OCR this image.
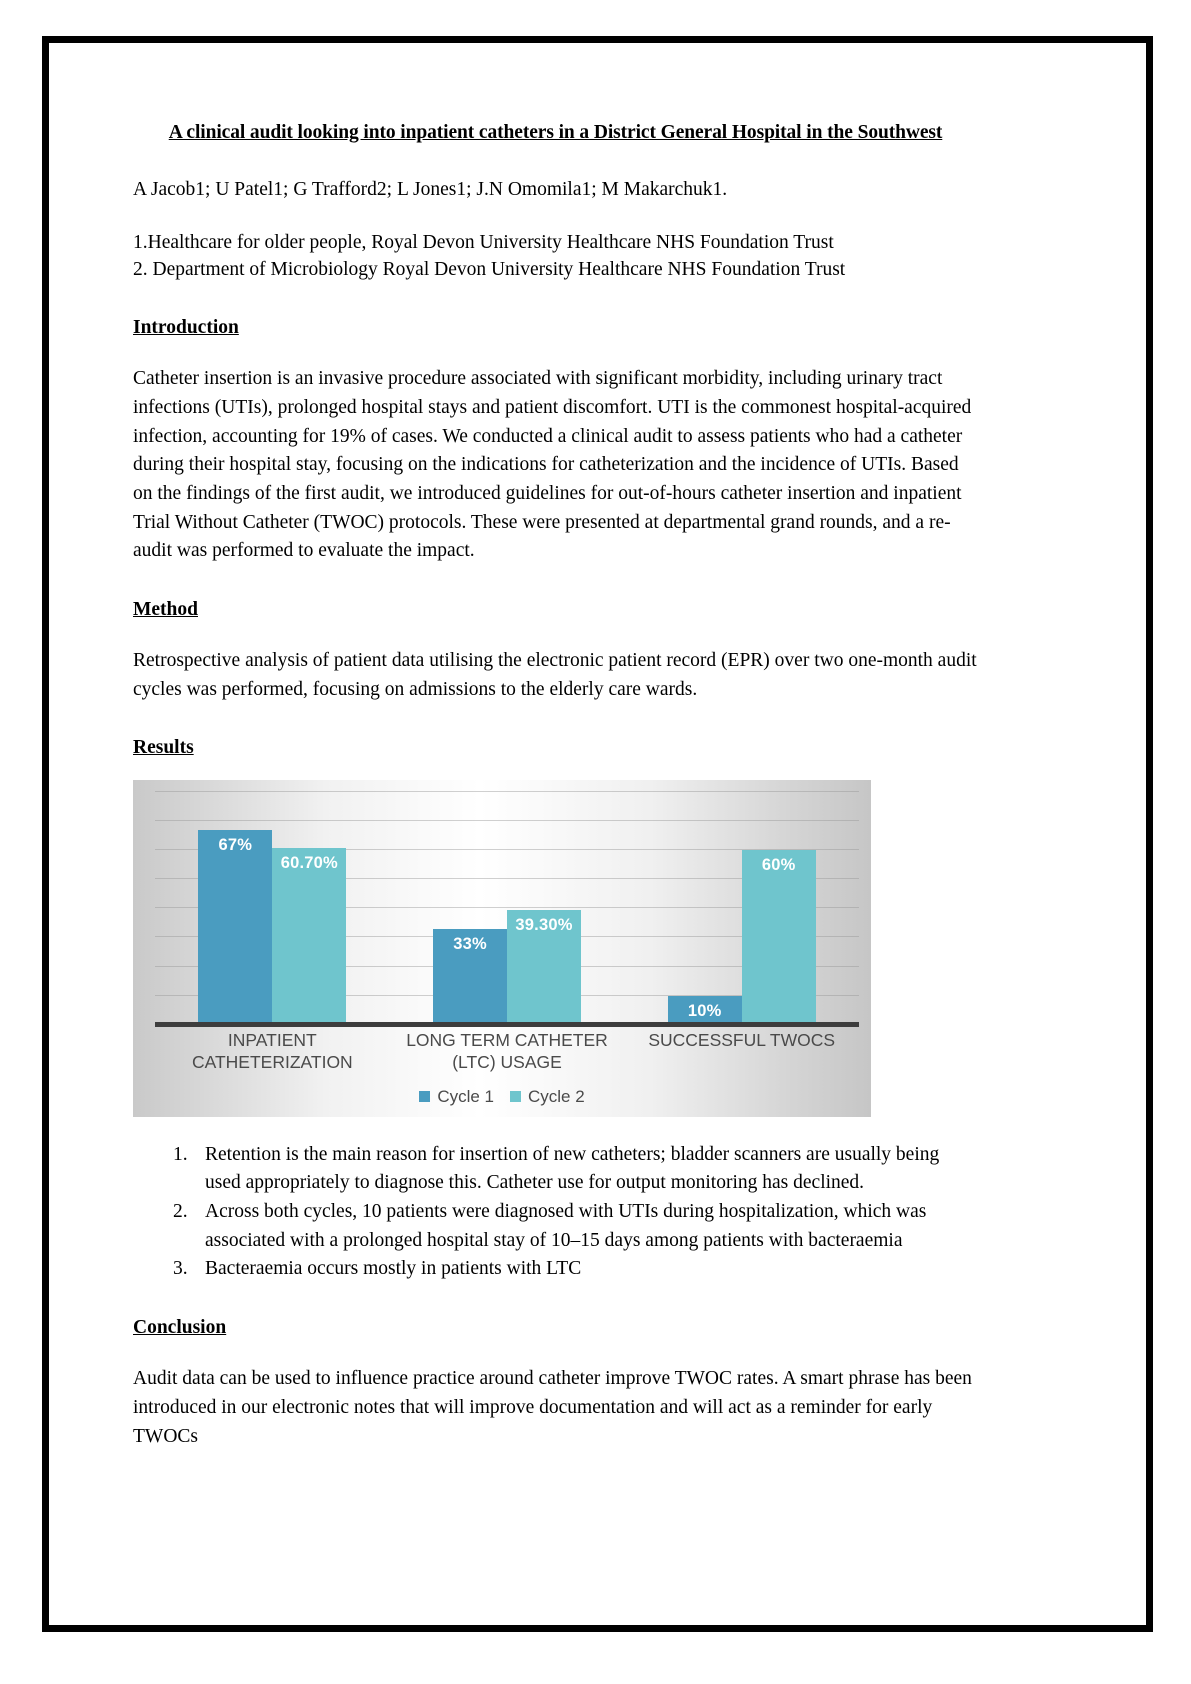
A clinical audit looking into inpatient catheters in a District General Hospital in the Southwest

A Jacob1; U Patel1; G Trafford2; L Jones1; J.N Omomila1; M Makarchuk1.

1.Healthcare for older people, Royal Devon University Healthcare NHS Foundation Trust

2. Department of Microbiology Royal Devon University Healthcare NHS Foundation Trust

Introduction

Catheter insertion is an invasive procedure associated with significant morbidity, including urinary tract infections (UTIs), prolonged hospital stays and patient discomfort. UTI is the commonest hospital-acquired infection, accounting for 19% of cases. We conducted a clinical audit to assess patients who had a catheter during their hospital stay, focusing on the indications for catheterization and the incidence of UTIs. Based on the findings of the first audit, we introduced guidelines for out-of-hours catheter insertion and inpatient Trial Without Catheter (TWOC) protocols. These were presented at departmental grand rounds, and a re-audit was performed to evaluate the impact.

Method

Retrospective analysis of patient data utilising the electronic patient record (EPR) over two one-month audit cycles was performed, focusing on admissions to the elderly care wards.

Results
67%
60.70%
33%
39.30%
10%
60%
INPATIENT CATHETERIZATION
LONG TERM CATHETER (LTC) USAGE
SUCCESSFUL TWOCS
Cycle 1 Cycle 2
Retention is the main reason for insertion of new catheters; bladder scanners are usually being used appropriately to diagnose this. Catheter use for output monitoring has declined.
Across both cycles, 10 patients were diagnosed with UTIs during hospitalization, which was associated with a prolonged hospital stay of 10–15 days among patients with bacteraemia
Bacteraemia occurs mostly in patients with LTC
Conclusion

Audit data can be used to influence practice around catheter improve TWOC rates. A smart phrase has been introduced in our electronic notes that will improve documentation and will act as a reminder for early TWOCs
